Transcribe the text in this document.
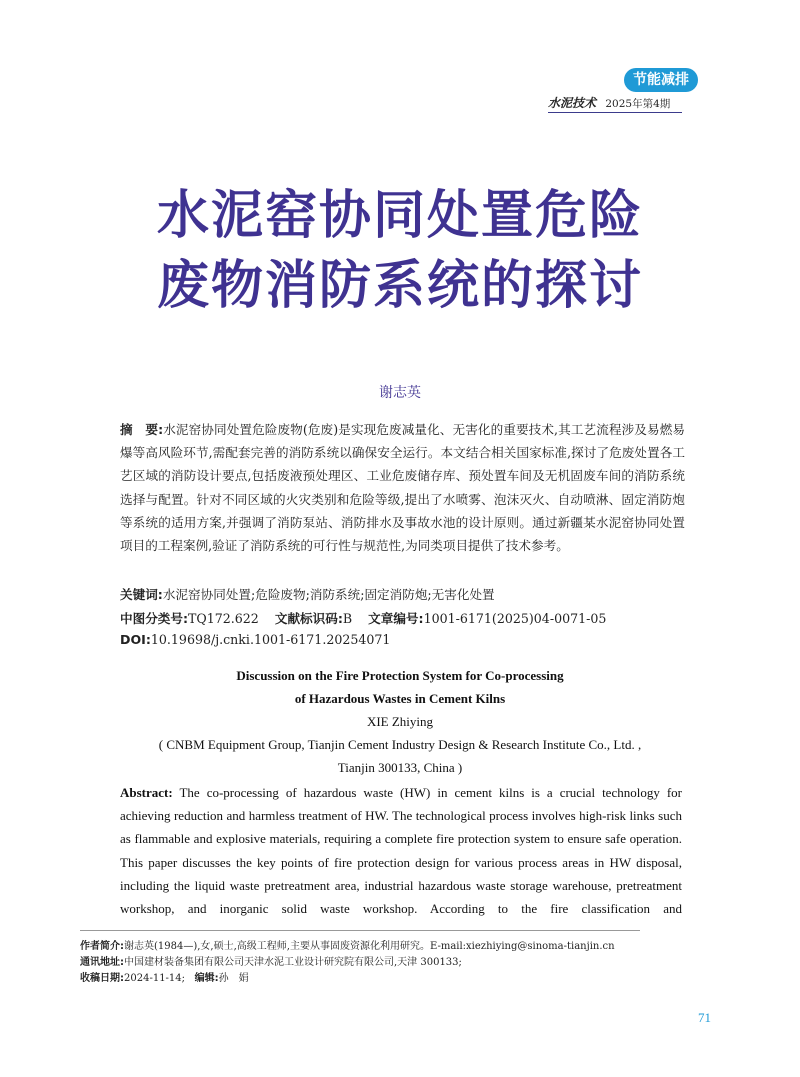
节能减排
水泥技术 2025年第4期
水泥窑协同处置危险
废物消防系统的探讨
谢志英
摘　要:水泥窑协同处置危险废物(危废)是实现危废减量化、无害化的重要技术,其工艺流程涉及易燃易爆等高风险环节,需配套完善的消防系统以确保安全运行。本文结合相关国家标准,探讨了危废处置各工艺区域的消防设计要点,包括废液预处理区、工业危废储存库、预处置车间及无机固废车间的消防系统选择与配置。针对不同区域的火灾类别和危险等级,提出了水喷雾、泡沫灭火、自动喷淋、固定消防炮等系统的适用方案,并强调了消防泵站、消防排水及事故水池的设计原则。通过新疆某水泥窑协同处置项目的工程案例,验证了消防系统的可行性与规范性,为同类项目提供了技术参考。
关键词:水泥窑协同处置;危险废物;消防系统;固定消防炮;无害化处置
中图分类号:TQ172.622 文献标识码:B 文章编号:1001-6171(2025)04-0071-05
DOI:10.19698/j.cnki.1001-6171.20254071
Discussion on the Fire Protection System for Co-processing
of Hazardous Wastes in Cement Kilns
XIE Zhiying
( CNBM Equipment Group, Tianjin Cement Industry Design & Research Institute Co., Ltd. ,
Tianjin 300133, China )
Abstract: The co-processing of hazardous waste (HW) in cement kilns is a crucial technology for achieving reduction and harmless treatment of HW. The technological process involves high-risk links such as flammable and explosive materials, requiring a complete fire protection system to ensure safe operation. This paper discusses the key points of fire protection design for various process areas in HW disposal, including the liquid waste pretreatment area, industrial hazardous waste storage warehouse, pretreatment workshop, and inorganic solid waste workshop. According to the fire classification and
作者简介:谢志英(1984—),女,硕士,高级工程师,主要从事固废资源化利用研究。E-mail:xiezhiying@sinoma-tianjin.cn
通讯地址:中国建材装备集团有限公司天津水泥工业设计研究院有限公司,天津 300133;
收稿日期:2024-11-14; 编辑:孙　娟
71
